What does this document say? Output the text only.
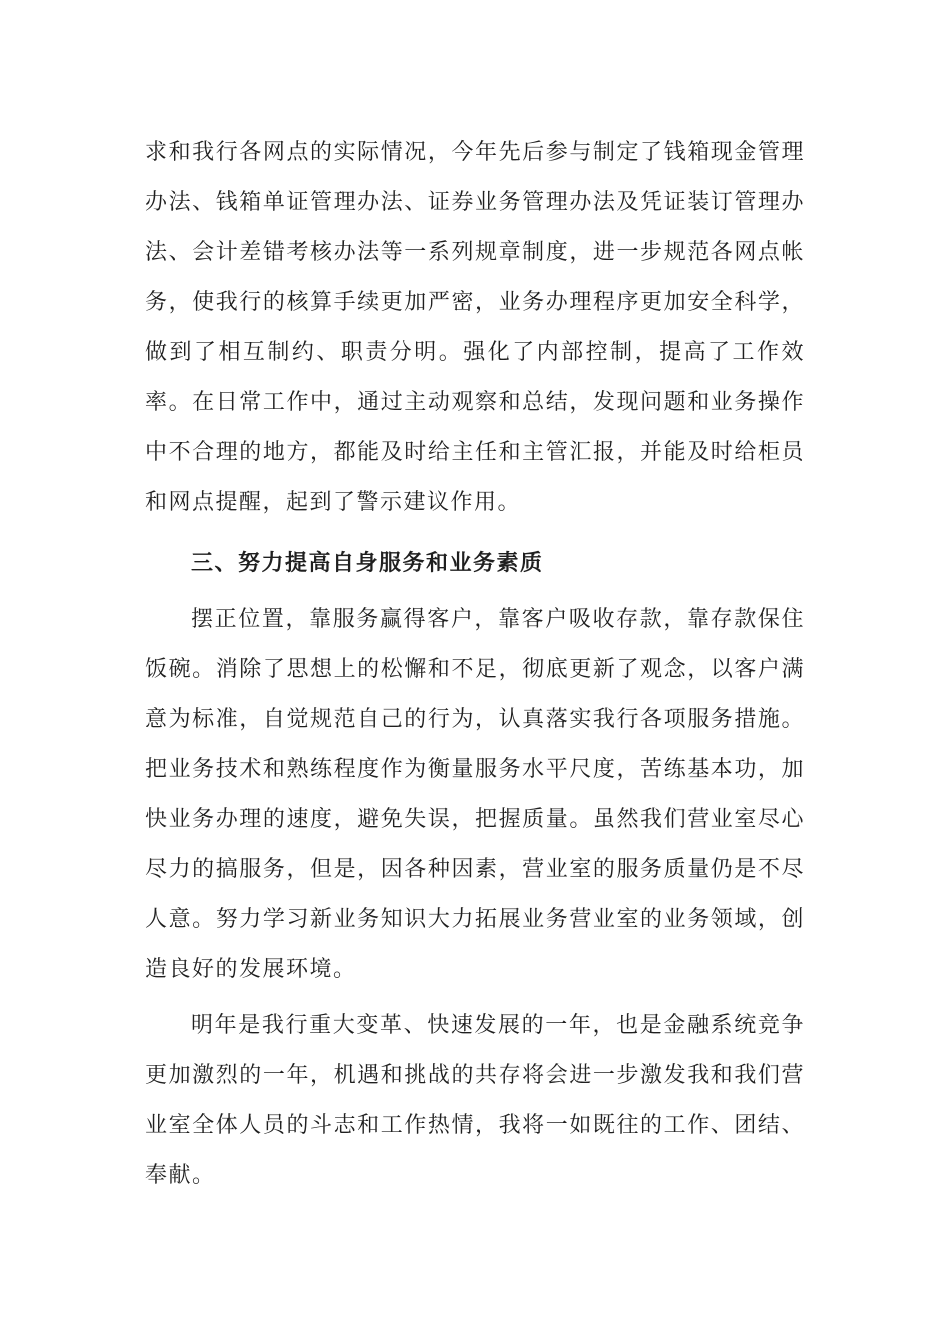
求和我行各网点的实际情况，今年先后参与制定了钱箱现金管理办法、钱箱单证管理办法、证券业务管理办法及凭证装订管理办法、会计差错考核办法等一系列规章制度，进一步规范各网点帐务，使我行的核算手续更加严密，业务办理程序更加安全科学，做到了相互制约、职责分明。强化了内部控制，提高了工作效率。在日常工作中，通过主动观察和总结，发现问题和业务操作中不合理的地方，都能及时给主任和主管汇报，并能及时给柜员和网点提醒，起到了警示建议作用。

三、努力提高自身服务和业务素质

摆正位置，靠服务赢得客户，靠客户吸收存款，靠存款保住饭碗。消除了思想上的松懈和不足，彻底更新了观念，以客户满意为标准，自觉规范自己的行为，认真落实我行各项服务措施。把业务技术和熟练程度作为衡量服务水平尺度，苦练基本功，加快业务办理的速度，避免失误，把握质量。虽然我们营业室尽心尽力的搞服务，但是，因各种因素，营业室的服务质量仍是不尽人意。努力学习新业务知识大力拓展业务营业室的业务领域，创造良好的发展环境。

明年是我行重大变革、快速发展的一年，也是金融系统竞争更加激烈的一年，机遇和挑战的共存将会进一步激发我和我们营业室全体人员的斗志和工作热情，我将一如既往的工作、团结、奉献。
